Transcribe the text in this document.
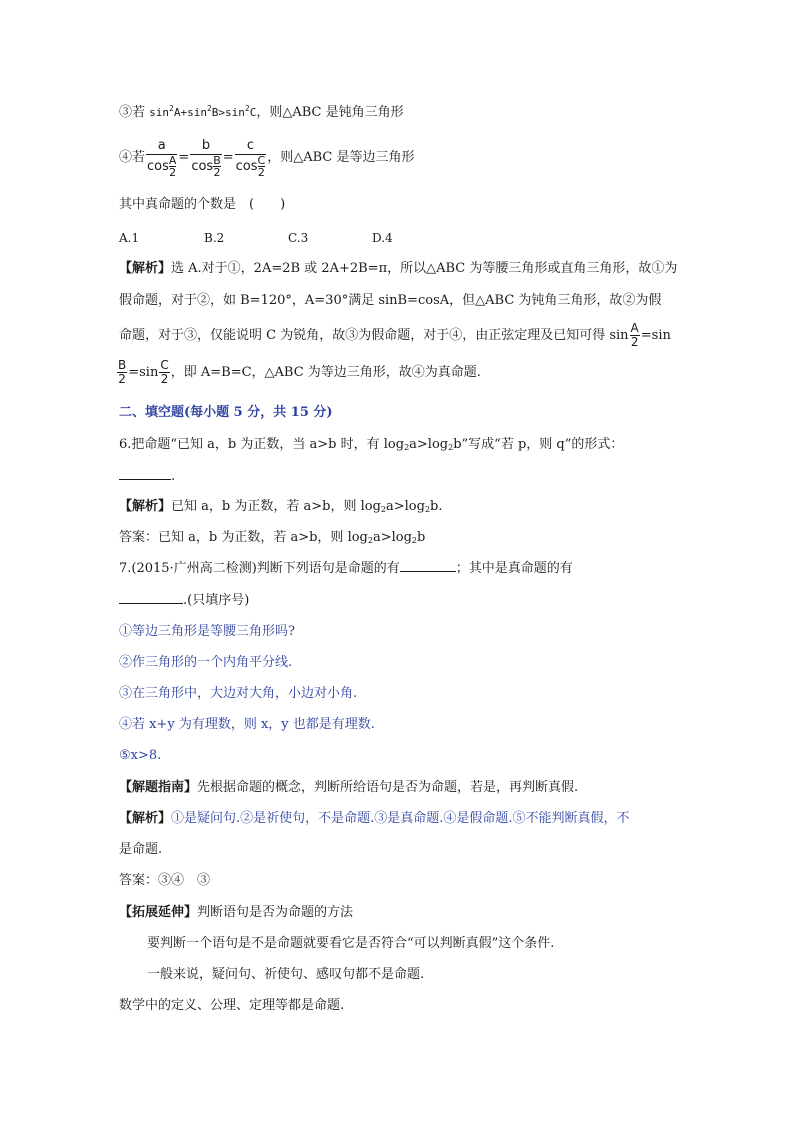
③若 $\sin^2A+\sin^2B>\sin^2C$，则△ABC 是钝角三角形
④若 $\frac{a}{\cos \frac{A}{2}} = \frac{b}{\cos \frac{B}{2}} = \frac{c}{\cos \frac{C}{2}}$ ，则△ABC 是等边三角形
其中真命题的个数是　(　　)
A.1	B.2	C.3	D.4
【解析】选 A.对于①，2A=2B 或 2A+2B=π，所以△ABC 为等腰三角形或直角三角形，故①为
假命题，对于②，如 B=120°，A=30°满足 sinB=cosA，但△ABC 为钝角三角形，故②为假
命题，对于③，仅能说明 C 为锐角，故③为假命题，对于④，由正弦定理及已知可得 $\sin \frac{A}{2} =\sin$
$\frac{B}{2} =\sin \frac{C}{2}$ ，即 A=B=C，△ABC 为等边三角形，故④为真命题.
二、填空题(每小题 5 分，共 15 分)
6.把命题“已知 a，b 为正数，当 a>b 时，有 $\log_2a>\log_2b$”写成“若 p，则 q”的形式：
.
【解析】已知 a，b 为正数，若 a>b，则 $\log_2a>\log_2b$.
答案：已知 a，b 为正数，若 a>b，则 $\log_2a>\log_2b$
7.(2015·广州高二检测)判断下列语句是命题的有	；其中是真命题的有
.(只填序号)
①等边三角形是等腰三角形吗?
②作三角形的一个内角平分线.
③在三角形中，大边对大角，小边对小角.
④若 x+y 为有理数，则 x，y 也都是有理数.
⑤x>8.
【解题指南】先根据命题的概念，判断所给语句是否为命题，若是，再判断真假.
【解析】①是疑问句.②是祈使句，不是命题.③是真命题.④是假命题.⑤不能判断真假，不
是命题.
答案：③④　③
【拓展延伸】判断语句是否为命题的方法
要判断一个语句是不是命题就要看它是否符合“可以判断真假”这个条件.
一般来说，疑问句、祈使句、感叹句都不是命题.
数学中的定义、公理、定理等都是命题.
